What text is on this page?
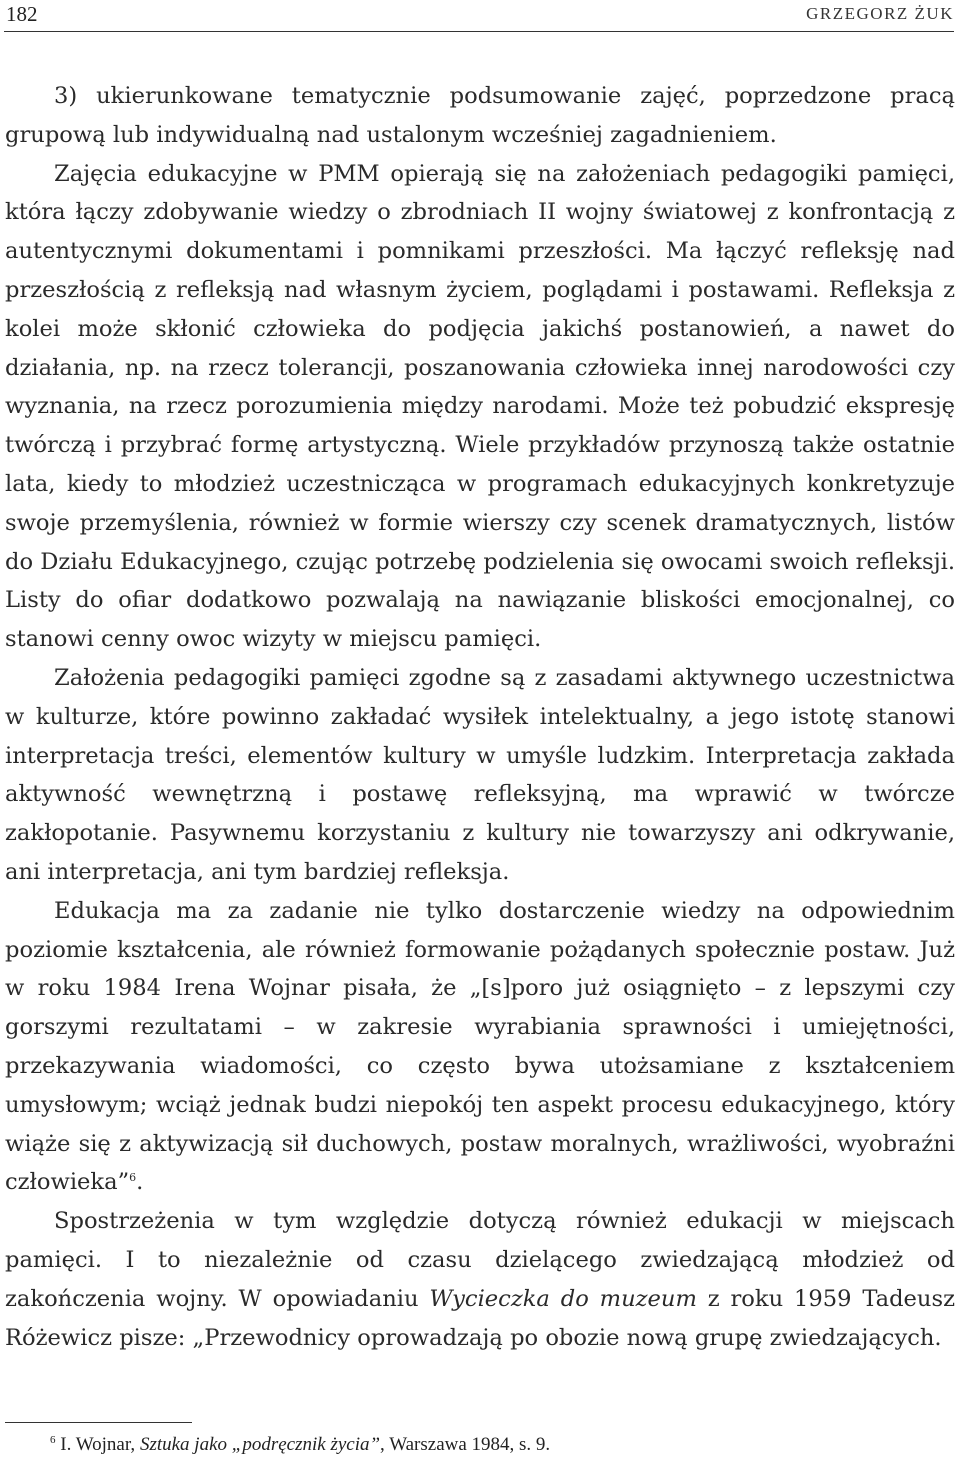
182	GRZEGORZ ŻUK

3) ukierunkowane tematycznie podsumowanie zajęć, poprzedzone pracą grupową lub indywidualną nad ustalonym wcześniej zagadnieniem.

Zajęcia edukacyjne w PMM opierają się na założeniach pedagogiki pamięci, która łączy zdobywanie wiedzy o zbrodniach II wojny światowej z konfrontacją z autentycznymi dokumentami i pomnikami przeszłości. Ma łączyć refleksję nad przeszłością z refleksją nad własnym życiem, poglądami i postawami. Refleksja z kolei może skłonić człowieka do podjęcia jakichś postanowień, a nawet do działania, np. na rzecz tolerancji, poszanowania człowieka innej narodowości czy wyznania, na rzecz porozumienia między narodami. Może też pobudzić ekspresję twórczą i przybrać formę artystyczną. Wiele przykładów przynoszą także ostatnie lata, kiedy to młodzież uczestnicząca w programach edukacyjnych konkretyzuje swoje przemyślenia, również w formie wierszy czy scenek dramatycznych, listów do Działu Edukacyjnego, czując potrzebę podzielenia się owocami swoich refleksji. Listy do ofiar dodatkowo pozwalają na nawiązanie bliskości emocjonalnej, co stanowi cenny owoc wizyty w miejscu pamięci.

Założenia pedagogiki pamięci zgodne są z zasadami aktywnego uczestnictwa w kulturze, które powinno zakładać wysiłek intelektualny, a jego istotę stanowi interpretacja treści, elementów kultury w umyśle ludzkim. Interpretacja zakłada aktywność wewnętrzną i postawę refleksyjną, ma wprawić w twórcze zakłopotanie. Pasywnemu korzystaniu z kultury nie towarzyszy ani odkrywanie, ani interpretacja, ani tym bardziej refleksja.

Edukacja ma za zadanie nie tylko dostarczenie wiedzy na odpowiednim poziomie kształcenia, ale również formowanie pożądanych społecznie postaw. Już w roku 1984 Irena Wojnar pisała, że „[s]poro już osiągnięto – z lepszymi czy gorszymi rezultatami – w zakresie wyrabiania sprawności i umiejętności, przekazywania wiadomości, co często bywa utożsamiane z kształceniem umysłowym; wciąż jednak budzi niepokój ten aspekt procesu edukacyjnego, który wiąże się z aktywizacją sił duchowych, postaw moralnych, wrażliwości, wyobraźni człowieka”$^6$.

Spostrzeżenia w tym względzie dotyczą również edukacji w miejscach pamięci. I to niezależnie od czasu dzielącego zwiedzającą młodzież od zakończenia wojny. W opowiadaniu Wycieczka do muzeum z roku 1959 Tadeusz Różewicz pisze: „Przewodnicy oprowadzają po obozie nową grupę zwiedzających.

$^6$ I. Wojnar, Sztuka jako „podręcznik życia”, Warszawa 1984, s. 9.
